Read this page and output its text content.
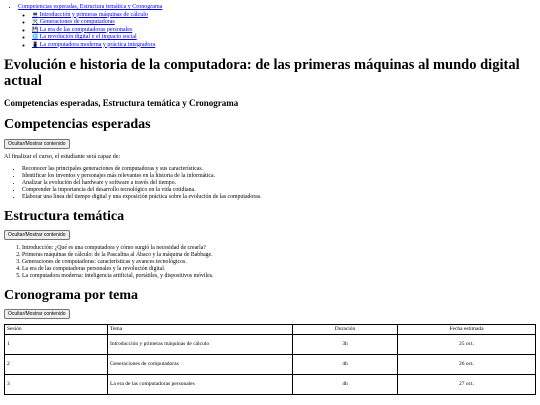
• Competencias esperadas, Estructura temática y Cronograma
◦ 💻 Introducción y primeras máquinas de cálculo
◦ 🛠️ Generaciones de computadoras
◦ 💾 La era de las computadoras personales
◦ 🌐 La revolución digital y el impacto social
◦ 📱 La computadora moderna y práctica integradora
Evolución e historia de la computadora: de las primeras máquinas al mundo digital actual
Competencias esperadas, Estructura temática y Cronograma
Competencias esperadas
Ocultar/Mostrar contenido

Al finalizar el curso, el estudiante será capaz de:

• Reconocer las principales generaciones de computadoras y sus características.
• Identificar los inventos y personajes más relevantes en la historia de la informática.
• Analizar la evolución del hardware y software a través del tiempo.
• Comprender la importancia del desarrollo tecnológico en la vida cotidiana.
• Elaborar una línea del tiempo digital y una exposición práctica sobre la evolución de las computadoras.
Estructura temática
Ocultar/Mostrar contenido
1. Introducción: ¿Qué es una computadora y cómo surgió la necesidad de crearla?
2. Primeras máquinas de cálculo: de la Pascalina al Ábaco y la máquina de Babbage.
3. Generaciones de computadoras: características y avances tecnológicos.
4. La era de las computadoras personales y la revolución digital.
5. La computadora moderna: inteligencia artificial, portátiles, y dispositivos móviles.
Cronograma por tema
Ocultar/Mostrar contenido
Sesión	Tema	Duración	Fecha estimada
1	Introducción y primeras máquinas de cálculo	3h	25 oct.
2	Generaciones de computadoras	4h	26 oct.
3	La era de las computadoras personales	4h	27 oct.
